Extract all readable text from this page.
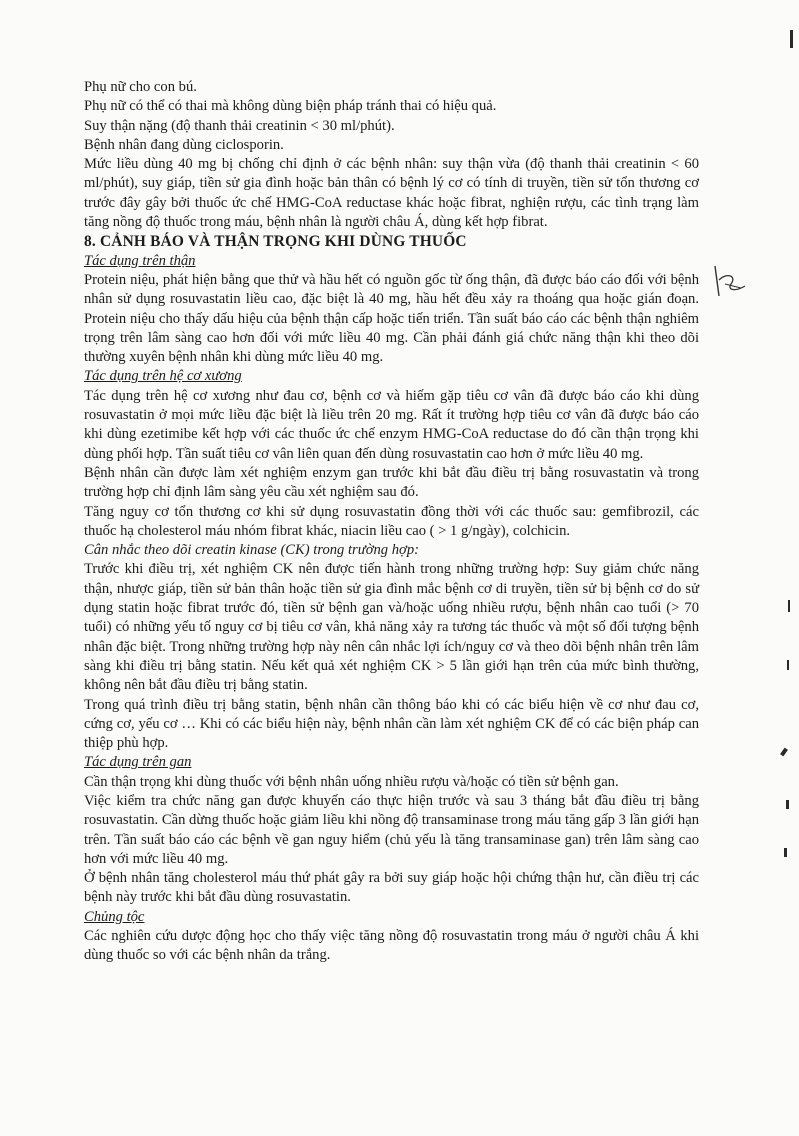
Phụ nữ cho con bú.

Phụ nữ có thể có thai mà không dùng biện pháp tránh thai có hiệu quả.

Suy thận nặng (độ thanh thải creatinin < 30 ml/phút).

Bệnh nhân đang dùng ciclosporin.

Mức liều dùng 40 mg bị chống chỉ định ở các bệnh nhân: suy thận vừa (độ thanh thải creatinin < 60 ml/phút), suy giáp, tiền sử gia đình hoặc bản thân có bệnh lý cơ có tính di truyền, tiền sử tổn thương cơ trước đây gây bởi thuốc ức chế HMG-CoA reductase khác hoặc fibrat, nghiện rượu, các tình trạng làm tăng nồng độ thuốc trong máu, bệnh nhân là người châu Á, dùng kết hợp fibrat.

8. CẢNH BÁO VÀ THẬN TRỌNG KHI DÙNG THUỐC

Tác dụng trên thận

Protein niệu, phát hiện bằng que thử và hầu hết có nguồn gốc từ ống thận, đã được báo cáo đối với bệnh nhân sử dụng rosuvastatin liều cao, đặc biệt là 40 mg, hầu hết đều xảy ra thoáng qua hoặc gián đoạn. Protein niệu cho thấy dấu hiệu của bệnh thận cấp hoặc tiến triển. Tần suất báo cáo các bệnh thận nghiêm trọng trên lâm sàng cao hơn đối với mức liều 40 mg. Cần phải đánh giá chức năng thận khi theo dõi thường xuyên bệnh nhân khi dùng mức liều 40 mg.

Tác dụng trên hệ cơ xương

Tác dụng trên hệ cơ xương như đau cơ, bệnh cơ và hiếm gặp tiêu cơ vân đã được báo cáo khi dùng rosuvastatin ở mọi mức liều đặc biệt là liều trên 20 mg. Rất ít trường hợp tiêu cơ vân đã được báo cáo khi dùng ezetimibe kết hợp với các thuốc ức chế enzym HMG-CoA reductase do đó cần thận trọng khi dùng phối hợp. Tần suất tiêu cơ vân liên quan đến dùng rosuvastatin cao hơn ở mức liều 40 mg.

Bệnh nhân cần được làm xét nghiệm enzym gan trước khi bắt đầu điều trị bằng rosuvastatin và trong trường hợp chỉ định lâm sàng yêu cầu xét nghiệm sau đó.

Tăng nguy cơ tổn thương cơ khi sử dụng rosuvastatin đồng thời với các thuốc sau: gemfibrozil, các thuốc hạ cholesterol máu nhóm fibrat khác, niacin liều cao ( > 1 g/ngày), colchicin.

Cân nhắc theo dõi creatin kinase (CK) trong trường hợp:

Trước khi điều trị, xét nghiệm CK nên được tiến hành trong những trường hợp: Suy giảm chức năng thận, nhược giáp, tiền sử bản thân hoặc tiền sử gia đình mắc bệnh cơ di truyền, tiền sử bị bệnh cơ do sử dụng statin hoặc fibrat trước đó, tiền sử bệnh gan và/hoặc uống nhiều rượu, bệnh nhân cao tuổi (> 70 tuổi) có những yếu tố nguy cơ bị tiêu cơ vân, khả năng xảy ra tương tác thuốc và một số đối tượng bệnh nhân đặc biệt. Trong những trường hợp này nên cân nhắc lợi ích/nguy cơ và theo dõi bệnh nhân trên lâm sàng khi điều trị bằng statin. Nếu kết quả xét nghiệm CK > 5 lần giới hạn trên của mức bình thường, không nên bắt đầu điều trị bằng statin.

Trong quá trình điều trị bằng statin, bệnh nhân cần thông báo khi có các biểu hiện về cơ như đau cơ, cứng cơ, yếu cơ … Khi có các biểu hiện này, bệnh nhân cần làm xét nghiệm CK để có các biện pháp can thiệp phù hợp.

Tác dụng trên gan

Cần thận trọng khi dùng thuốc với bệnh nhân uống nhiều rượu và/hoặc có tiền sử bệnh gan.

Việc kiểm tra chức năng gan được khuyến cáo thực hiện trước và sau 3 tháng bắt đầu điều trị bằng rosuvastatin. Cần dừng thuốc hoặc giảm liều khi nồng độ transaminase trong máu tăng gấp 3 lần giới hạn trên. Tần suất báo cáo các bệnh về gan nguy hiểm (chủ yếu là tăng transaminase gan) trên lâm sàng cao hơn với mức liều 40 mg.

Ở bệnh nhân tăng cholesterol máu thứ phát gây ra bởi suy giáp hoặc hội chứng thận hư, cần điều trị các bệnh này trước khi bắt đầu dùng rosuvastatin.

Chủng tộc

Các nghiên cứu dược động học cho thấy việc tăng nồng độ rosuvastatin trong máu ở người châu Á khi dùng thuốc so với các bệnh nhân da trắng.
